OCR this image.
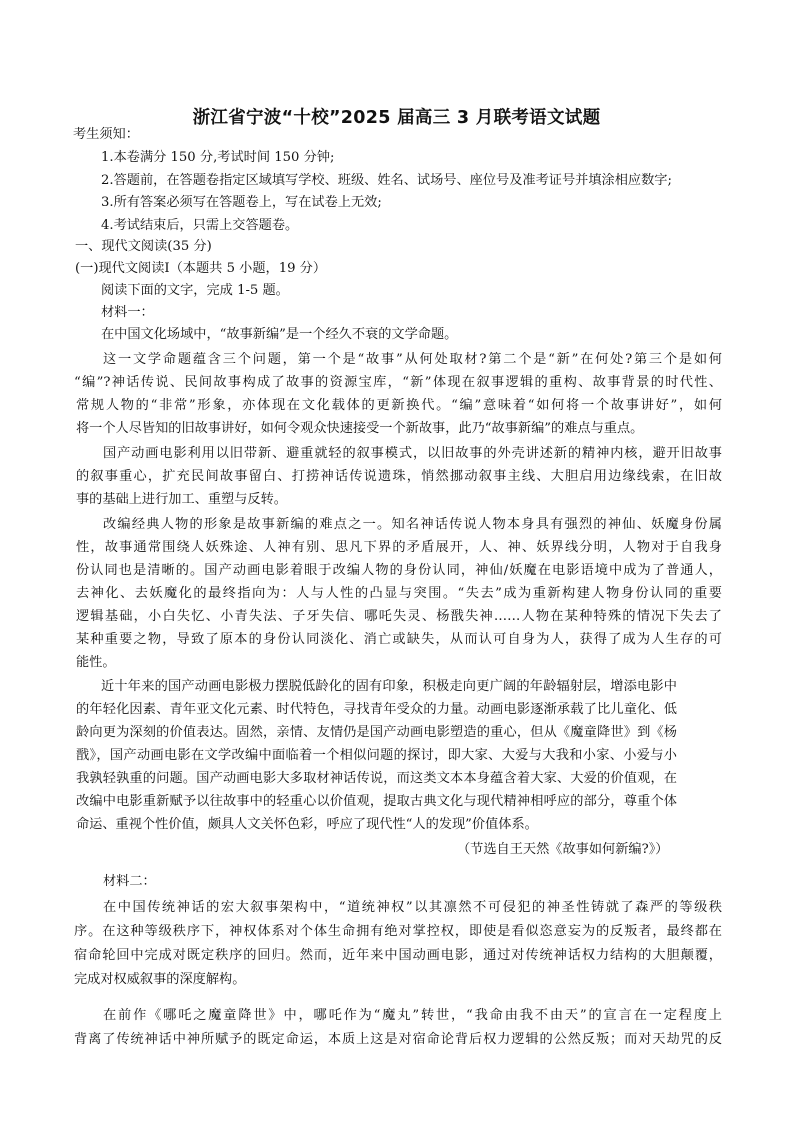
浙江省宁波“十校”2025 届高三 3 月联考语文试题
考生须知：
1.本卷满分 150 分,考试时间 150 分钟;
2.答题前，在答题卷指定区域填写学校、班级、姓名、试场号、座位号及准考证号并填涂相应数字;
3.所有答案必须写在答题卷上，写在试卷上无效;
4.考试结束后，只需上交答题卷。
一、现代文阅读(35 分)
(一)现代文阅读Ⅰ（本题共 5 小题，19 分）
阅读下面的文字，完成 1-5 题。
材料一：
在中国文化场域中，“故事新编”是一个经久不衰的文学命题。
这一文学命题蕴含三个问题，第一个是“故事”从何处取材?第二个是“新”在何处?第三个是如何
“编”?神话传说、民间故事构成了故事的资源宝库，“新”体现在叙事逻辑的重构、故事背景的时代性、
常规人物的“非常”形象，亦体现在文化载体的更新换代。“编”意味着“如何将一个故事讲好”，如何
将一个人尽皆知的旧故事讲好，如何令观众快速接受一个新故事，此乃“故事新编”的难点与重点。
国产动画电影利用以旧带新、避重就轻的叙事模式，以旧故事的外壳讲述新的精神内核，避开旧故事
的叙事重心，扩充民间故事留白、打捞神话传说遗珠，悄然挪动叙事主线、大胆启用边缘线索，在旧故
事的基础上进行加工、重塑与反转。
改编经典人物的形象是故事新编的难点之一。知名神话传说人物本身具有强烈的神仙、妖魔身份属
性，故事通常围绕人妖殊途、人神有别、思凡下界的矛盾展开，人、神、妖界线分明，人物对于自我身
份认同也是清晰的。国产动画电影着眼于改编人物的身份认同，神仙/妖魔在电影语境中成为了普通人，
去神化、去妖魔化的最终指向为：人与人性的凸显与突围。“失去”成为重新构建人物身份认同的重要
逻辑基础，小白失忆、小青失法、子牙失信、哪吒失灵、杨戬失神……人物在某种特殊的情况下失去了
某种重要之物，导致了原本的身份认同淡化、消亡或缺失，从而认可自身为人，获得了成为人生存的可
能性。
近十年来的国产动画电影极力摆脱低龄化的固有印象，积极走向更广阔的年龄辐射层，增添电影中
的年轻化因素、青年亚文化元素、时代特色，寻找青年受众的力量。动画电影逐渐承载了比儿童化、低
龄向更为深刻的价值表达。固然，亲情、友情仍是国产动画电影塑造的重心，但从《魔童降世》到《杨
戬》，国产动画电影在文学改编中面临着一个相似问题的探讨，即大家、大爱与大我和小家、小爱与小
我孰轻孰重的问题。国产动画电影大多取材神话传说，而这类文本本身蕴含着大家、大爱的价值观，在
改编中电影重新赋予以往故事中的轻重心以价值观，提取古典文化与现代精神相呼应的部分，尊重个体
命运、重视个性价值，颇具人文关怀色彩，呼应了现代性“人的发现”价值体系。
（节选自王天然《故事如何新编?》）
材料二：
在中国传统神话的宏大叙事架构中，“道统神权”以其凛然不可侵犯的神圣性铸就了森严的等级秩
序。在这种等级秩序下，神权体系对个体生命拥有绝对掌控权，即使是看似恣意妄为的反叛者，最终都在
宿命轮回中完成对既定秩序的回归。然而，近年来中国动画电影，通过对传统神话权力结构的大胆颠覆，
完成对权威叙事的深度解构。
在前作《哪吒之魔童降世》中，哪吒作为“魔丸”转世，“我命由我不由天”的宣言在一定程度上
背离了传统神话中神所赋予的既定命运，本质上这是对宿命论背后权力逻辑的公然反叛；而对天劫咒的反
